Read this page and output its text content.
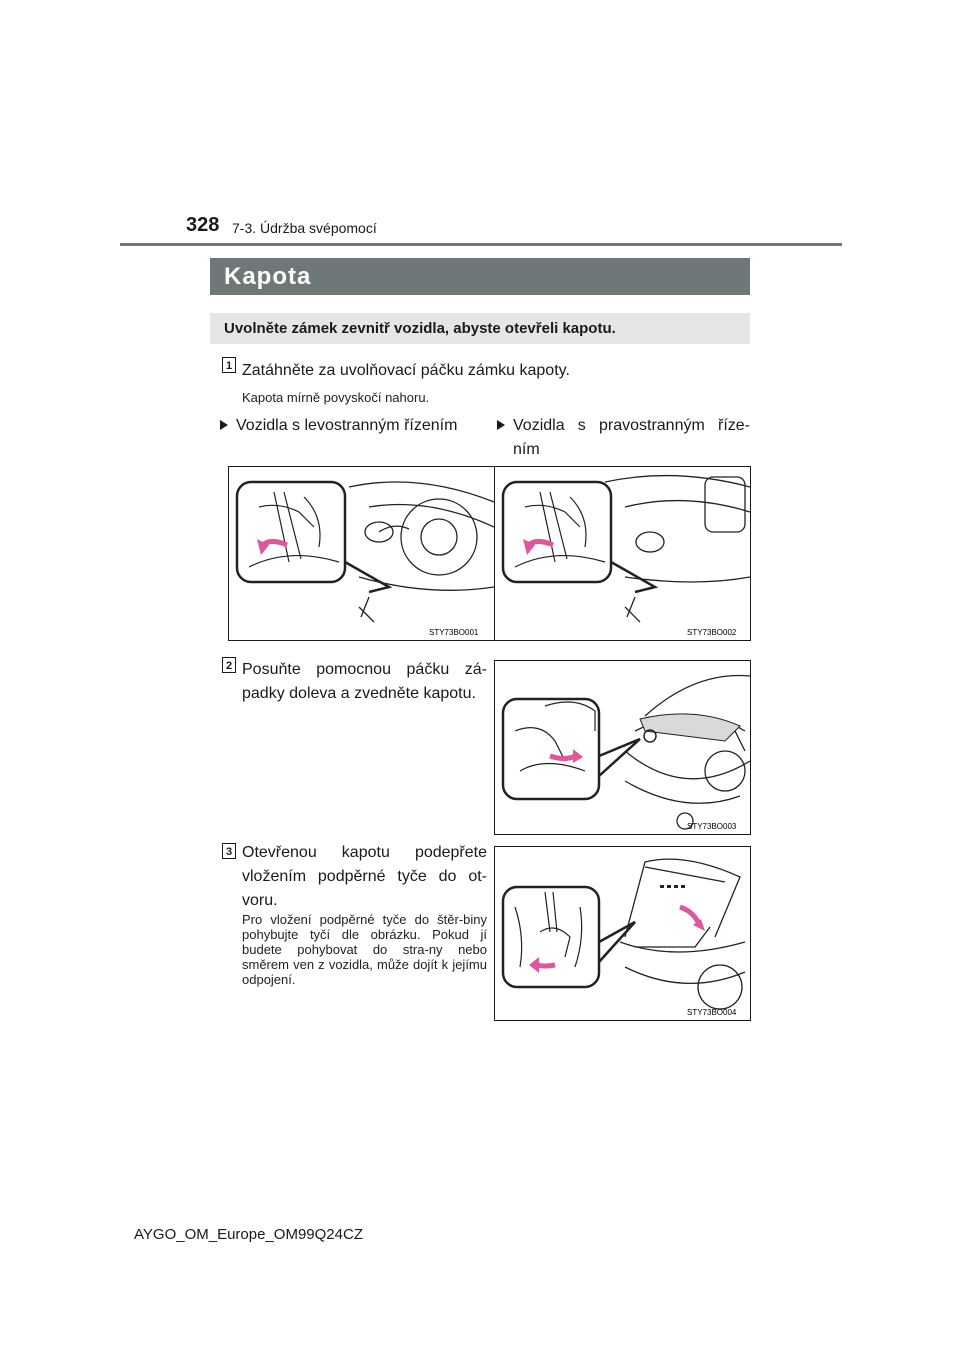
328 7-3. Údržba svépomocí
Kapota
Uvolněte zámek zevnitř vozidla, abyste otevřeli kapotu.
1 Zatáhněte za uvolňovací páčku zámku kapoty.
Kapota mírně povyskočí nahoru.
Vozidla s levostranným řízením	Vozidla s pravostranným říze-ním
STY73BO001	STY73BO002
2 Posuňte pomocnou páčku zá-padky doleva a zvedněte kapotu.
STY73BO003
3 Otevřenou kapotu podepřete vložením podpěrné tyče do ot-voru.
Pro vložení podpěrné tyče do štěr-biny pohybujte tyčí dle obrázku. Pokud jí budete pohybovat do stra-ny nebo směrem ven z vozidla, může dojít k jejímu odpojení.
STY73BO004
AYGO_OM_Europe_OM99Q24CZ
